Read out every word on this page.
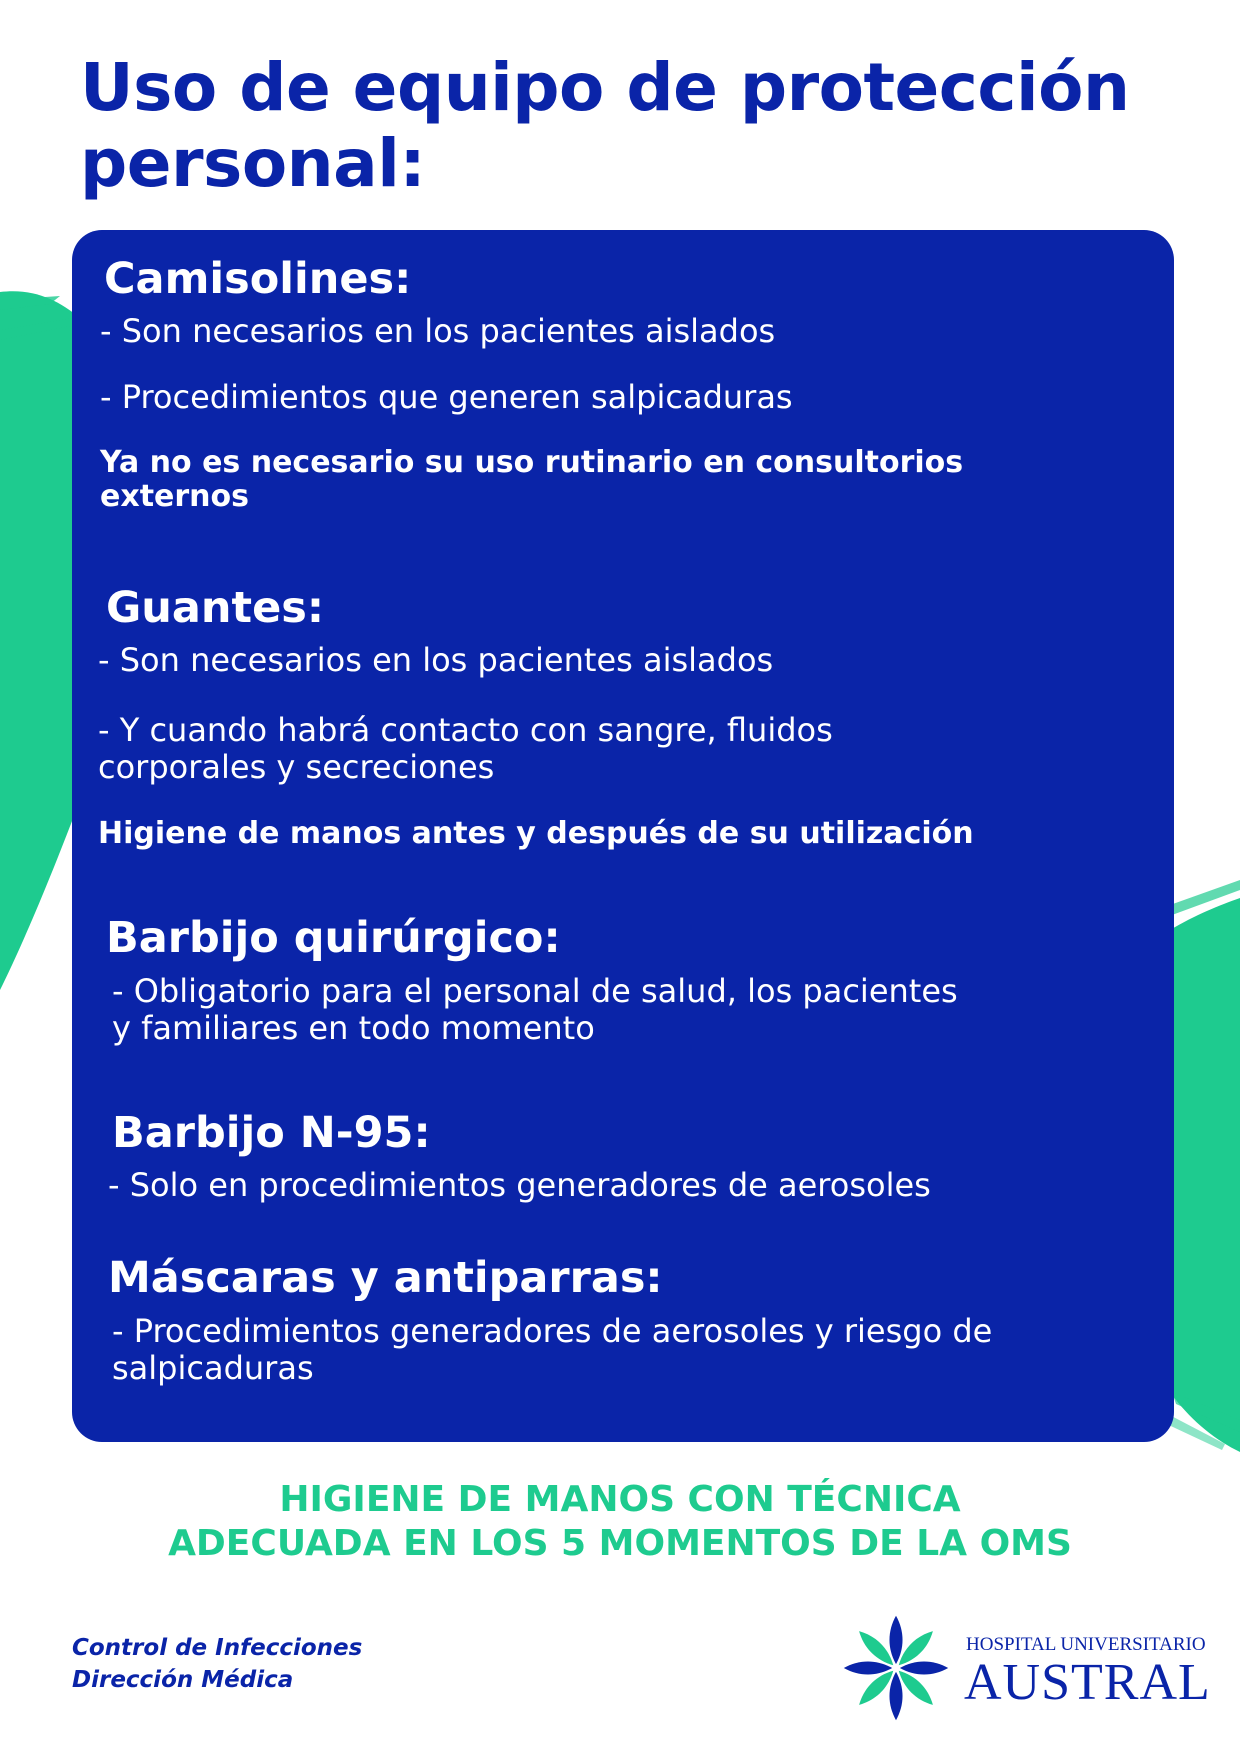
Uso de equipo de protección
personal:
Camisolines:

- Son necesarios en los pacientes aislados

- Procedimientos que generen salpicaduras

Ya no es necesario su uso rutinario en consultorios

externos

Guantes:

- Son necesarios en los pacientes aislados

- Y cuando habrá contacto con sangre, fluidos

corporales y secreciones

Higiene de manos antes y después de su utilización

Barbijo quirúrgico:

- Obligatorio para el personal de salud, los pacientes

y familiares en todo momento

Barbijo N-95:

- Solo en procedimientos generadores de aerosoles

Máscaras y antiparras:

- Procedimientos generadores de aerosoles y riesgo de

salpicaduras

HIGIENE DE MANOS CON TÉCNICA
ADECUADA EN LOS 5 MOMENTOS DE LA OMS
Control de Infecciones
Dirección Médica
HOSPITAL UNIVERSITARIO
AUSTRAL
